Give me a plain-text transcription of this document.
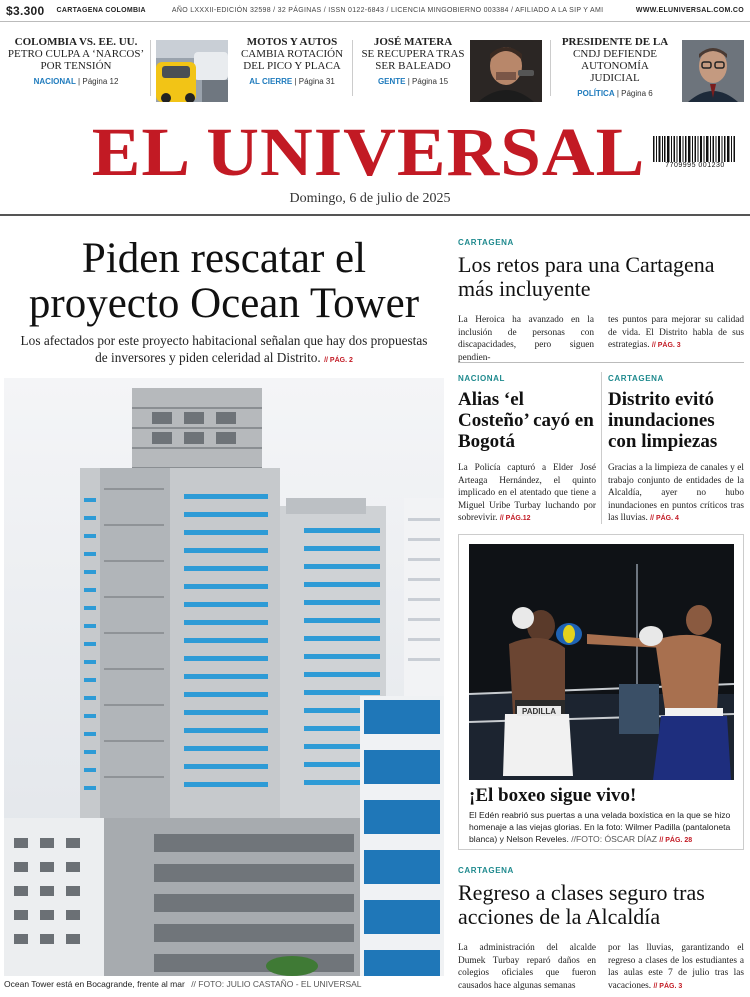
$3.300 CARTAGENA COLOMBIA	AÑO LXXXII-EDICIÓN 32598 / 32 PÁGINAS / ISSN 0122-6843 / LICENCIA MINGOBIERNO 003384 / AFILIADO A LA SIP Y AMI	WWW.ELUNIVERSAL.COM.CO
COLOMBIA VS. EE. UU.
PETRO CULPA A ‘NARCOS’ POR TENSIÓN
NACIONAL | Página 12
MOTOS Y AUTOS
CAMBIA ROTACIÓN DEL PICO Y PLACA
AL CIERRE | Página 31
JOSÉ MATERA
SE RECUPERA TRAS SER BALEADO
GENTE | Página 15
PRESIDENTE DE LA
CNDJ DEFIENDE AUTONOMÍA JUDICIAL
POLÍTICA | Página 6
EL UNIVERSAL	7709995 001230
Domingo, 6 de julio de 2025
Piden rescatar el proyecto Ocean Tower
Los afectados por este proyecto habitacional señalan que hay dos propuestas de inversores y piden celeridad al Distrito. // PÁG. 2
Ocean Tower está en Bocagrande, frente al mar // FOTO: JULIO CASTAÑO - EL UNIVERSAL
CARTAGENA
Los retos para una Cartagena más incluyente
La Heroica ha avanzado en la inclusión de personas con discapacidades, pero siguen pendien-
tes puntos para mejorar su calidad de vida. El Distrito habla de sus estrategias. // PÁG. 3
NACIONAL
Alias ‘el Costeño’ cayó en Bogotá
La Policía capturó a Elder José Arteaga Hernández, el quinto implicado en el atentado que tiene a Miguel Uribe Turbay luchando por sobrevivir. // PÁG.12
CARTAGENA
Distrito evitó inundaciones con limpiezas
Gracias a la limpieza de canales y el trabajo conjunto de entidades de la Alcaldía, ayer no hubo inundaciones en puntos críticos tras las lluvias. // PÁG. 4
PADILLA
¡El boxeo sigue vivo!
El Edén reabrió sus puertas a una velada boxística en la que se hizo homenaje a las viejas glorias. En la foto: Wilmer Padilla (pantaloneta blanca) y Nelson Reveles. //FOTO: ÓSCAR DÍAZ // PÁG. 28
CARTAGENA
Regreso a clases seguro tras acciones de la Alcaldía
La administración del alcalde Dumek Turbay reparó daños en colegios oficiales que fueron causados hace algunas semanas
por las lluvias, garantizando el regreso a clases de los estudiantes a las aulas este 7 de julio tras las vacaciones. // PÁG. 3
